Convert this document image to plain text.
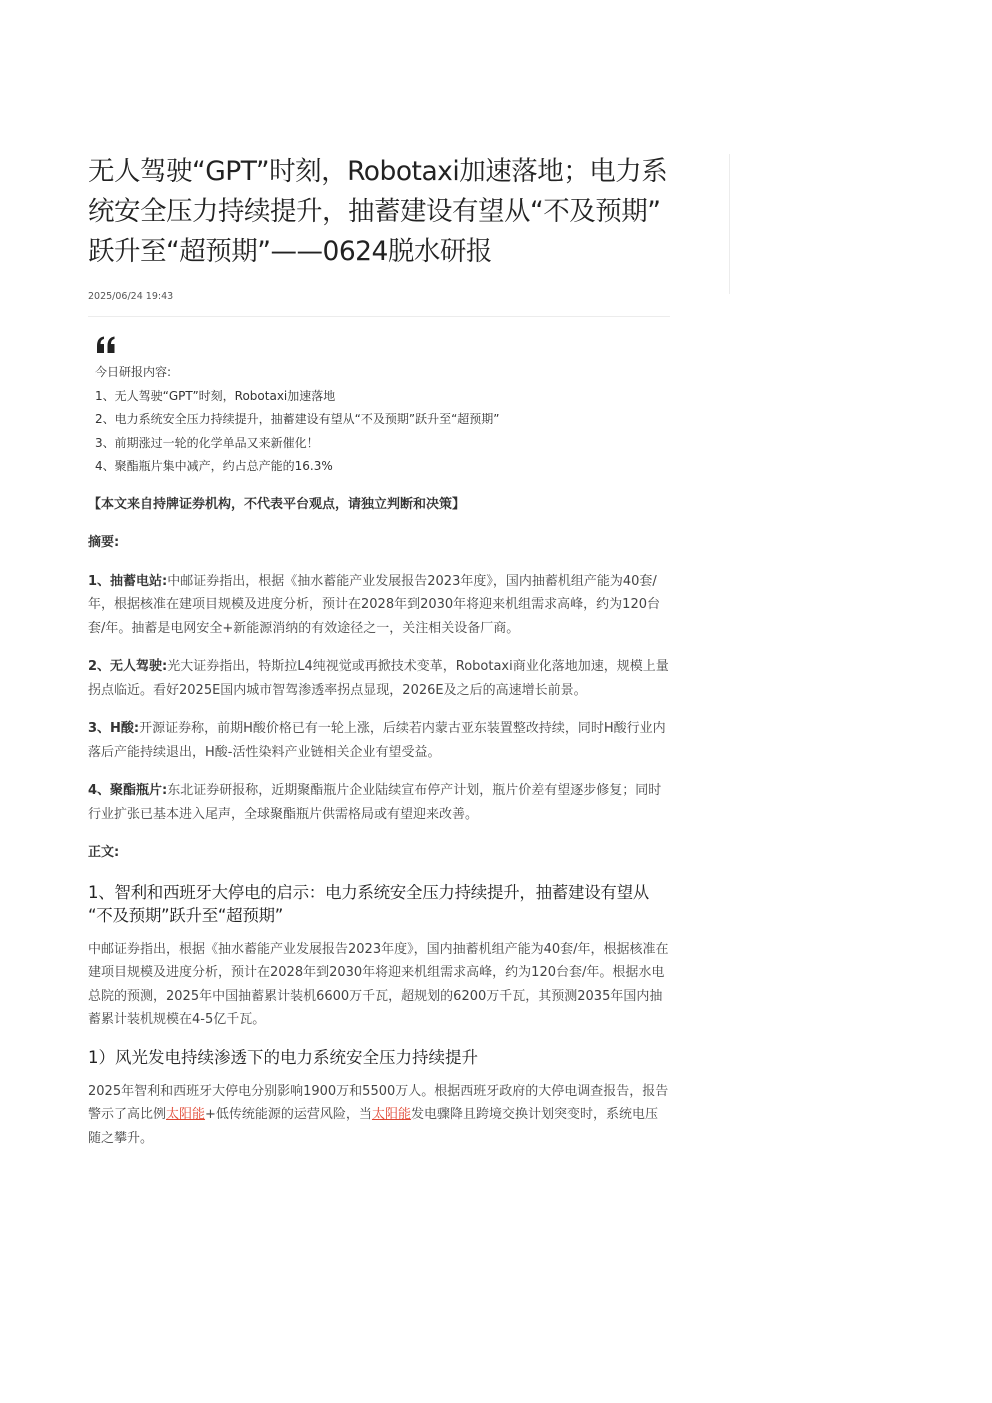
无人驾驶“GPT”时刻，Robotaxi加速落地；电力系
统安全压力持续提升，抽蓄建设有望从“不及预期”
跃升至“超预期”——0624脱水研报
2025/06/24 19:43

今日研报内容:

1、无人驾驶“GPT”时刻，Robotaxi加速落地

2、电力系统安全压力持续提升，抽蓄建设有望从“不及预期”跃升至“超预期”

3、前期涨过一轮的化学单品又来新催化！

4、聚酯瓶片集中减产，约占总产能的16.3%

【本文来自持牌证券机构，不代表平台观点，请独立判断和决策】

摘要:

1、抽蓄电站:中邮证券指出，根据《抽水蓄能产业发展报告2023年度》，国内抽蓄机组产能为40套/年，根据核准在建项目规模及进度分析，预计在2028年到2030年将迎来机组需求高峰，约为120台套/年。抽蓄是电网安全+新能源消纳的有效途径之一，关注相关设备厂商。

2、无人驾驶:光大证券指出，特斯拉L4纯视觉或再掀技术变革，Robotaxi商业化落地加速，规模上量拐点临近。看好2025E国内城市智驾渗透率拐点显现，2026E及之后的高速增长前景。

3、H酸:开源证券称，前期H酸价格已有一轮上涨，后续若内蒙古亚东装置整改持续，同时H酸行业内落后产能持续退出，H酸-活性染料产业链相关企业有望受益。

4、聚酯瓶片:东北证券研报称，近期聚酯瓶片企业陆续宣布停产计划，瓶片价差有望逐步修复；同时行业扩张已基本进入尾声，全球聚酯瓶片供需格局或有望迎来改善。

正文:

1、智利和西班牙大停电的启示：电力系统安全压力持续提升，抽蓄建设有望从
“不及预期”跃升至“超预期”

中邮证券指出，根据《抽水蓄能产业发展报告2023年度》，国内抽蓄机组产能为40套/年，根据核准在建项目规模及进度分析，预计在2028年到2030年将迎来机组需求高峰，约为120台套/年。根据水电总院的预测，2025年中国抽蓄累计装机6600万千瓦，超规划的6200万千瓦，其预测2035年国内抽蓄累计装机规模在4-5亿千瓦。

1）风光发电持续渗透下的电力系统安全压力持续提升

2025年智利和西班牙大停电分别影响1900万和5500万人。根据西班牙政府的大停电调查报告，报告警示了高比例太阳能+低传统能源的运营风险，当太阳能发电骤降且跨境交换计划突变时，系统电压随之攀升。
